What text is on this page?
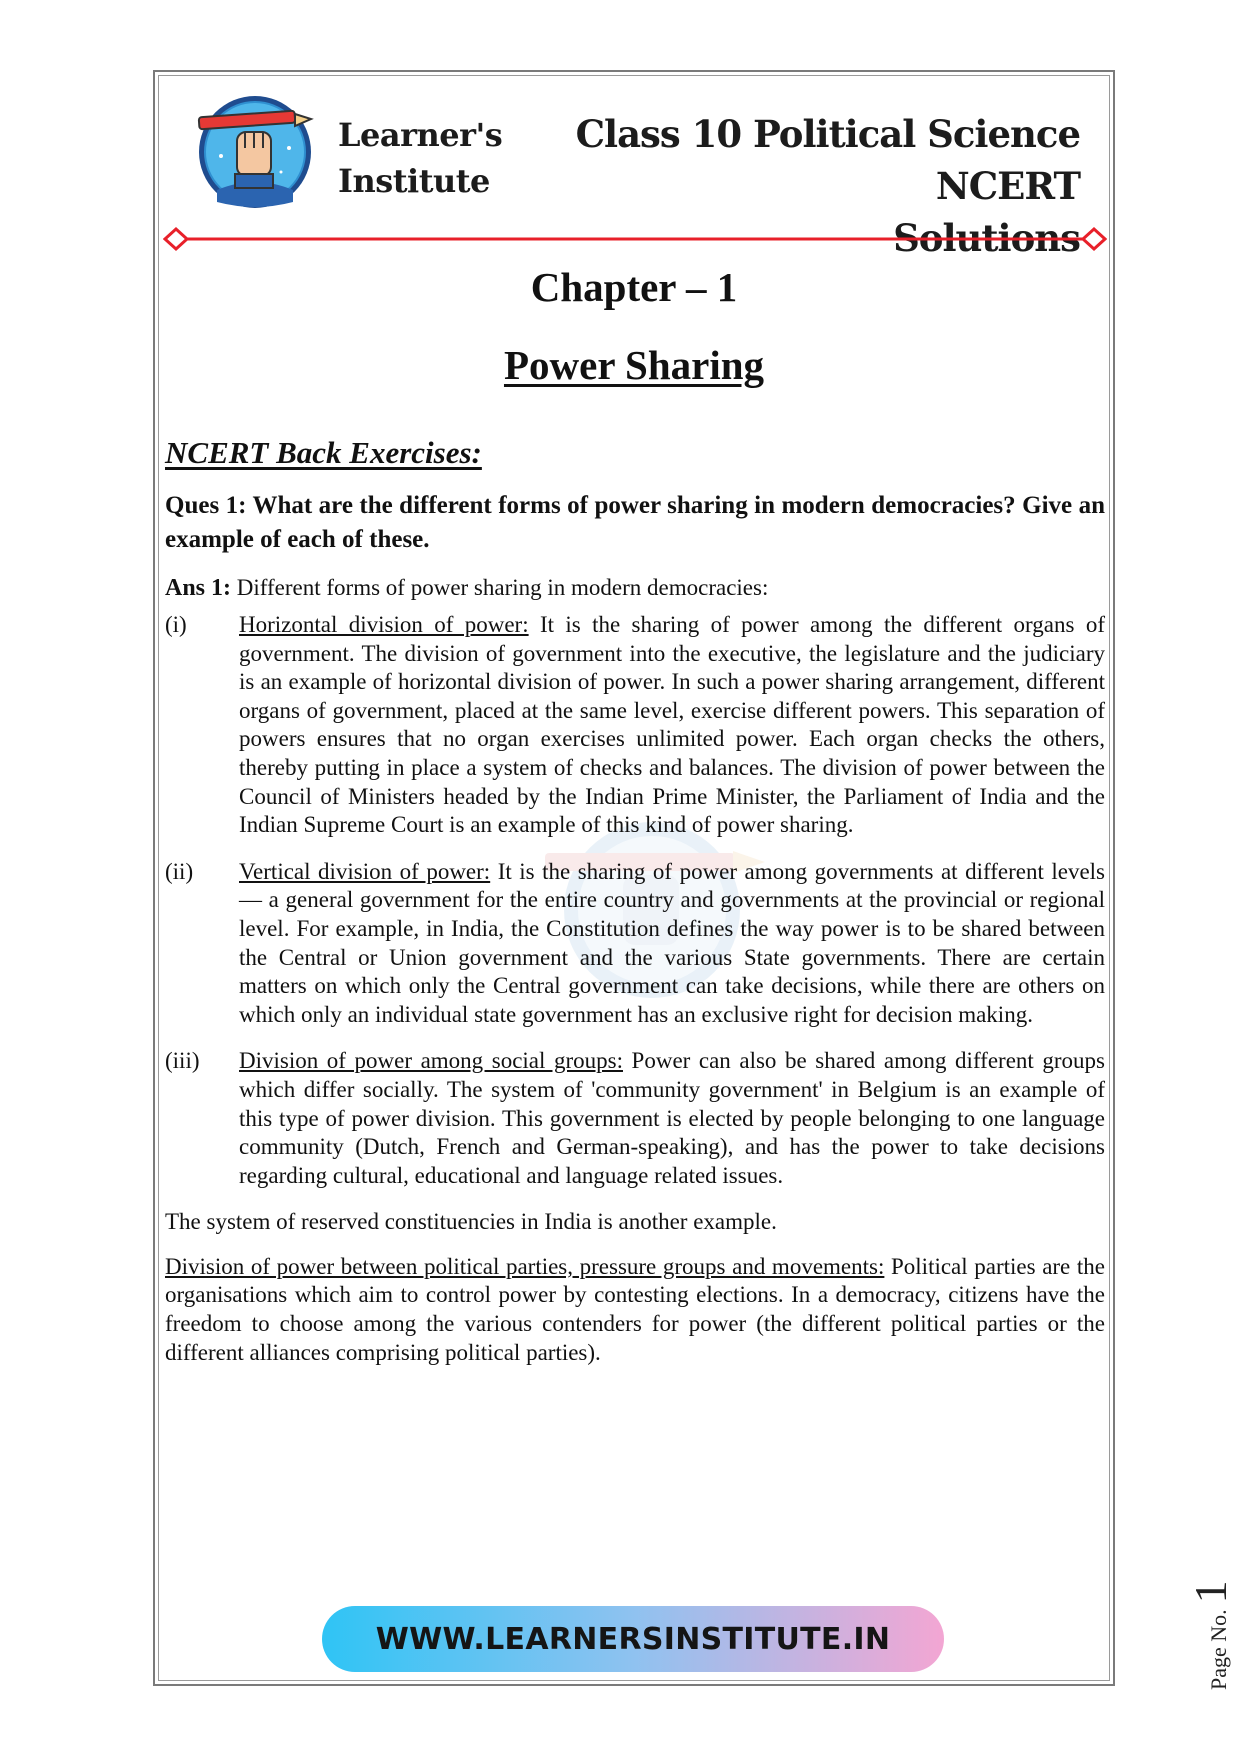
Learner's
Institute
Class 10 Political Science NCERT
Solutions
Chapter – 1
Power Sharing
NCERT Back Exercises:
Ques 1: What are the different forms of power sharing in modern democracies? Give an example of each of these.
Ans 1: Different forms of power sharing in modern democracies:
(i)	Horizontal division of power: It is the sharing of power among the different organs of government. The division of government into the executive, the legislature and the judiciary is an example of horizontal division of power. In such a power sharing arrangement, different organs of government, placed at the same level, exercise different powers. This separation of powers ensures that no organ exercises unlimited power. Each organ checks the others, thereby putting in place a system of checks and balances. The division of power between the Council of Ministers headed by the Indian Prime Minister, the Parliament of India and the Indian Supreme Court is an example of this kind of power sharing.
(ii)	Vertical division of power: It is the sharing of power among governments at different levels — a general government for the entire country and governments at the provincial or regional level. For example, in India, the Constitution defines the way power is to be shared between the Central or Union government and the various State governments. There are certain matters on which only the Central government can take decisions, while there are others on which only an individual state government has an exclusive right for decision making.
(iii)	Division of power among social groups: Power can also be shared among different groups which differ socially. The system of 'community government' in Belgium is an example of this type of power division. This government is elected by people belonging to one language community (Dutch, French and German-speaking), and has the power to take decisions regarding cultural, educational and language related issues.
The system of reserved constituencies in India is another example.
Division of power between political parties, pressure groups and movements: Political parties are the organisations which aim to control power by contesting elections. In a democracy, citizens have the freedom to choose among the various contenders for power (the different political parties or the different alliances comprising political parties).
WWW.LEARNERSINSTITUTE.IN	Page No.1
